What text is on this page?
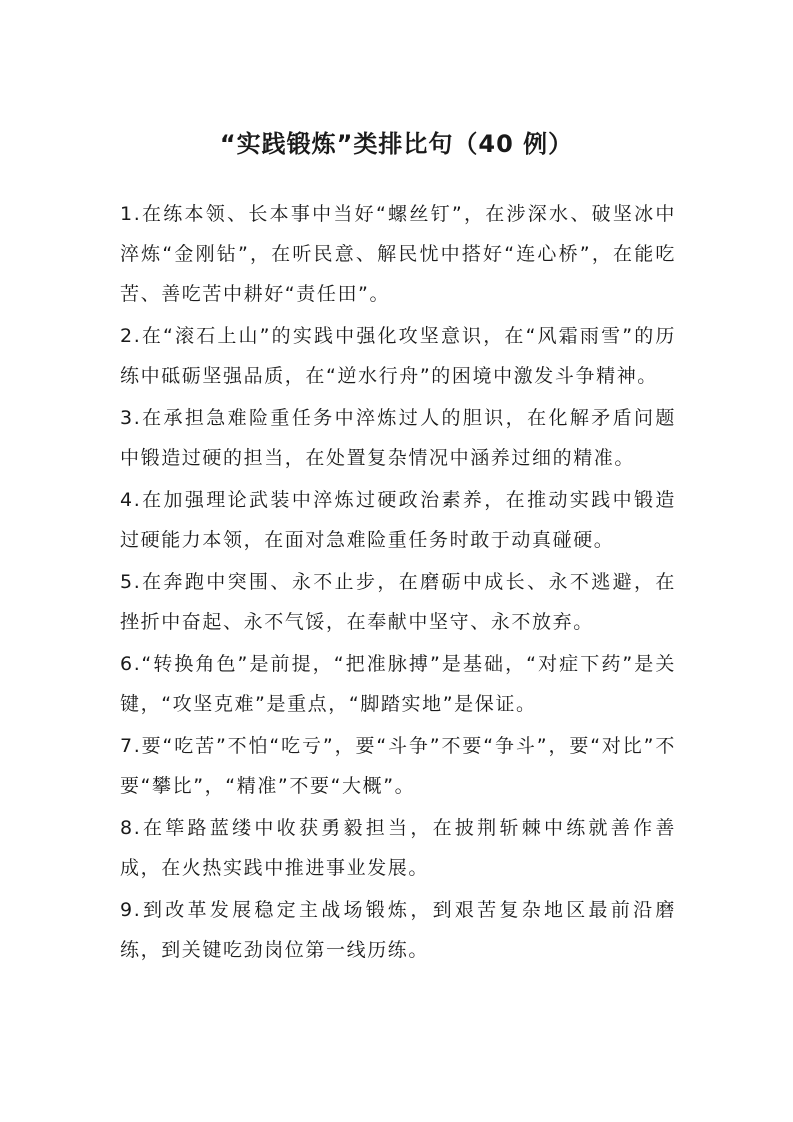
“实践锻炼”类排比句（40 例）

1.在练本领、长本事中当好“螺丝钉”，在涉深水、破坚冰中淬炼“金刚钻”，在听民意、解民忧中搭好“连心桥”，在能吃苦、善吃苦中耕好“责任田”。

2.在“滚石上山”的实践中强化攻坚意识，在“风霜雨雪”的历练中砥砺坚强品质，在“逆水行舟”的困境中激发斗争精神。

3.在承担急难险重任务中淬炼过人的胆识，在化解矛盾问题中锻造过硬的担当，在处置复杂情况中涵养过细的精准。

4.在加强理论武装中淬炼过硬政治素养，在推动实践中锻造过硬能力本领，在面对急难险重任务时敢于动真碰硬。

5.在奔跑中突围、永不止步，在磨砺中成长、永不逃避，在挫折中奋起、永不气馁，在奉献中坚守、永不放弃。

6.“转换角色”是前提，“把准脉搏”是基础，“对症下药”是关键，“攻坚克难”是重点，“脚踏实地”是保证。

7.要“吃苦”不怕“吃亏”，要“斗争”不要“争斗”，要“对比”不要“攀比”，“精准”不要“大概”。

8.在筚路蓝缕中收获勇毅担当，在披荆斩棘中练就善作善成，在火热实践中推进事业发展。

9.到改革发展稳定主战场锻炼，到艰苦复杂地区最前沿磨练，到关键吃劲岗位第一线历练。
